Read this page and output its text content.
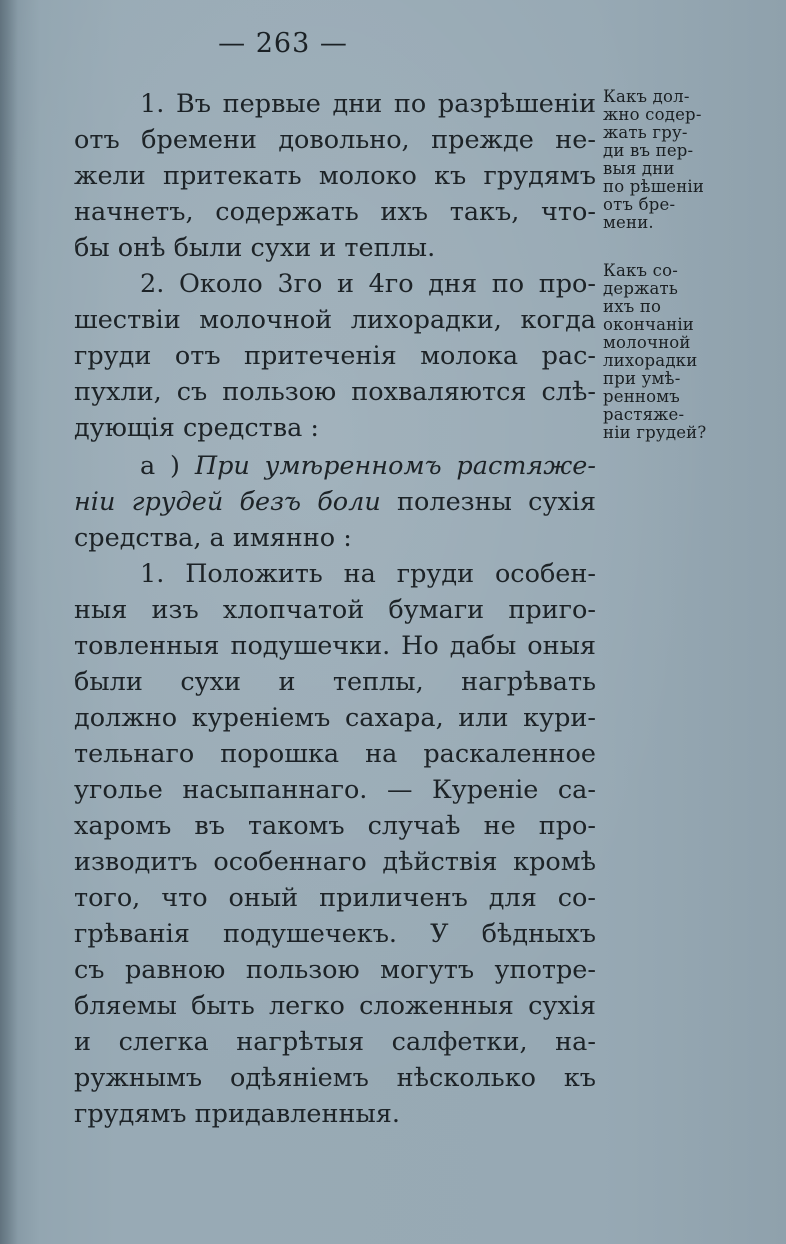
— 263 —
1. Въ первые дни по разрѣшеніи
отъ бремени довольно, прежде не-
жели притекать молоко къ грудямъ
начнетъ, содержать ихъ такъ, что-
бы онѣ были сухи и теплы.
2. Около 3го и 4го дня по про-
шествіи молочной лихорадки, когда
груди отъ притеченія молока рас-
пухли, съ пользою похваляются слѣ-
дующія средства :
а ) При умѣренномъ растяже-
ніи грудей безъ боли полезны сухія
средства, а имянно :
1. Положить на груди особен-
ныя изъ хлопчатой бумаги приго-
товленныя подушечки. Но дабы оныя
были сухи и теплы, нагрѣвать
должно куреніемъ сахара, или кури-
тельнаго порошка на раскаленное
уголье насыпаннаго. — Куреніе са-
харомъ въ такомъ случаѣ не про-
изводитъ особеннаго дѣйствія кромѣ
того, что оный приличенъ для со-
грѣванія подушечекъ. У бѣдныхъ
съ равною пользою могутъ употре-
бляемы быть легко сложенныя сухія
и слегка нагрѣтыя салфетки, на-
ружнымъ одѣяніемъ нѣсколько къ
грудямъ придавленныя.
Какъ дол-
жно содер-
жать гру-
ди въ пер-
выя дни
по рѣшеніи
отъ бре-
мени.
Какъ со-
держать
ихъ по
окончаніи
молочной
лихорадки
при умѣ-
ренномъ
растяже-
ніи грудей?
